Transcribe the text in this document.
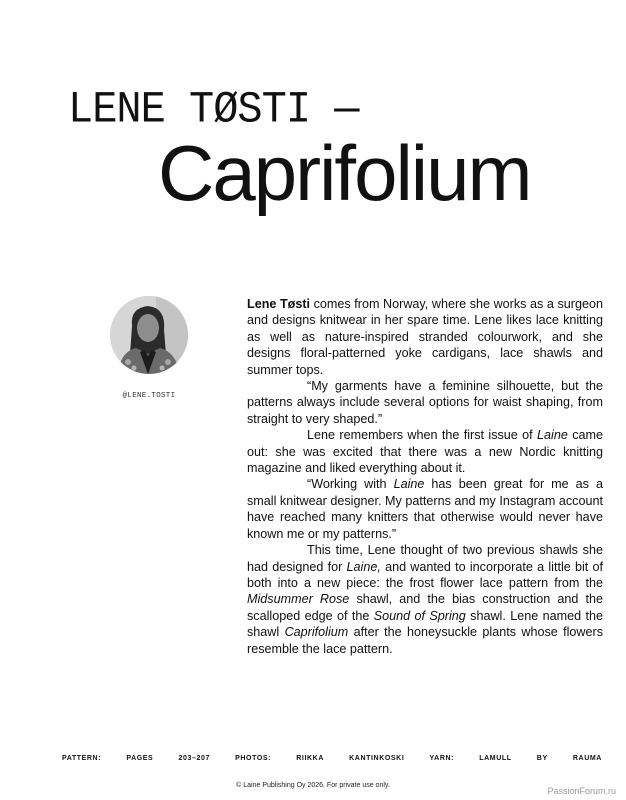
LENE TØSTI —
Caprifolium
@LENE.TOSTI

Lene Tøsti comes from Norway, where she works as a surgeon and designs knitwear in her spare time. Lene likes lace knitting as well as nature-inspired stranded colourwork, and she designs floral-patterned yoke cardigans, lace shawls and summer tops.

“My garments have a feminine silhouette, but the patterns always include several options for waist shaping, from straight to very shaped.”

Lene remembers when the first issue of Laine came out: she was excited that there was a new Nordic knitting magazine and liked everything about it.

“Working with Laine has been great for me as a small knitwear designer. My patterns and my Instagram account have reached many knitters that otherwise would never have known me or my patterns.”

This time, Lene thought of two previous shawls she had designed for Laine, and wanted to incorporate a little bit of both into a new piece: the frost flower lace pattern from the Midsummer Rose shawl, and the bias construction and the scalloped edge of the Sound of Spring shawl. Lene named the shawl Caprifolium after the honeysuckle plants whose flowers resemble the lace pattern.

PATTERN:	PAGES	203–207	PHOTOS:	RIIKKA	KANTINKOSKI	YARN:	LAMULL	BY	RAUMA
© Laine Publishing Oy 2026. For private use only.
PassionForum.ru
